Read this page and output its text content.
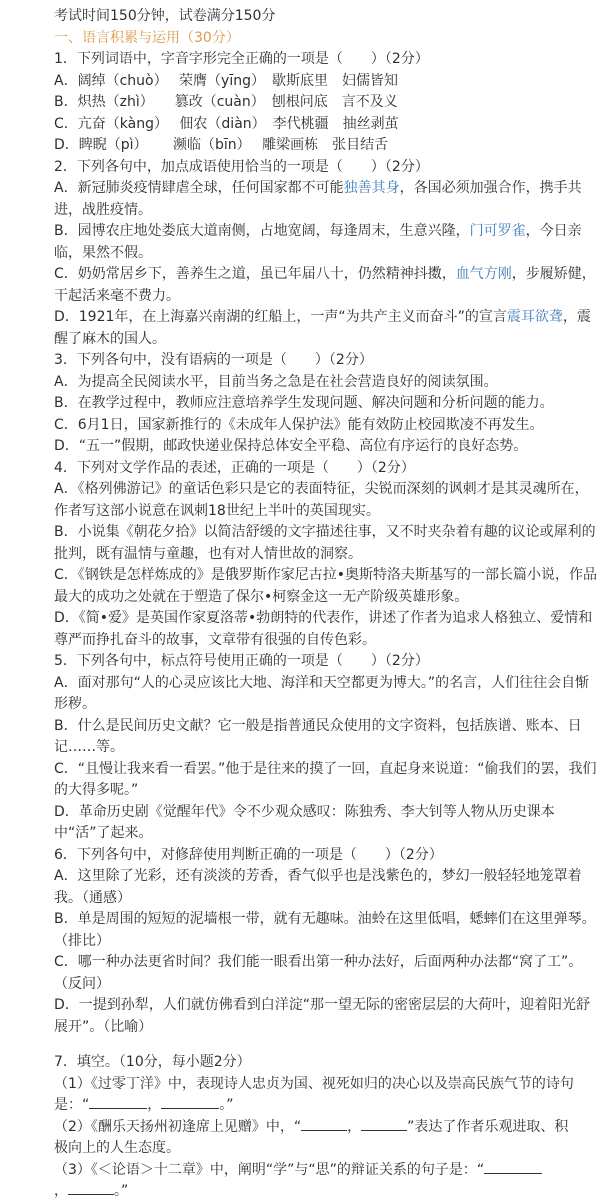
考试时间150分钟，试卷满分150分
一、语言积累与运用（30分）
1．下列词语中，字音字形完全正确的一项是（　　）（2分）
A．阔绰（chuò）　 荣膺（yīng）　歇斯底里　妇儒皆知
B．炽热（zhì）　　篡改（cuàn）　刨根问底　言不及义
C．亢奋（kàng）　 佃农（diàn）　李代桃疆　抽丝剥茧
D．睥睨（pì）　　 濒临（bīn）　 雕梁画栋　张目结舌
2．下列各句中，加点成语使用恰当的一项是（　　）（2分）
A．新冠肺炎疫情肆虐全球，任何国家都不可能独善其身，各国必须加强合作，携手共进，战胜疫情。
B．园博农庄地处娄底大道南侧，占地宽阔，每逢周末，生意兴隆，门可罗雀，今日亲临，果然不假。
C．奶奶常居乡下，善养生之道，虽已年届八十，仍然精神抖擞，血气方刚，步履矫健，干起活来毫不费力。
D．1921年，在上海嘉兴南湖的红船上，一声“为共产主义而奋斗”的宣言震耳欲聋，震醒了麻木的国人。
3．下列各句中，没有语病的一项是（　　）（2分）
A．为提高全民阅读水平，目前当务之急是在社会营造良好的阅读氛围。
B．在教学过程中，教师应注意培养学生发现问题、解决问题和分析问题的能力。
C．6月1日，国家新推行的《未成年人保护法》能有效防止校园欺凌不再发生。
D．“五一”假期，邮政快递业保持总体安全平稳、高位有序运行的良好态势。
4．下列对文学作品的表述，正确的一项是（　　）（2分）
A．《格列佛游记》的童话色彩只是它的表面特征，尖锐而深刻的讽刺才是其灵魂所在，作者写这部小说意在讽刺18世纪上半叶的英国现实。
B．小说集《朝花夕拾》以简洁舒缓的文字描述往事，又不时夹杂着有趣的议论或犀利的批判，既有温情与童趣，也有对人情世故的洞察。
C．《钢铁是怎样炼成的》是俄罗斯作家尼古拉•奥斯特洛夫斯基写的一部长篇小说，作品最大的成功之处就在于塑造了保尔•柯察金这一无产阶级英雄形象。
D．《简•爱》是英国作家夏洛蒂•勃朗特的代表作，讲述了作者为追求人格独立、爱情和尊严而挣扎奋斗的故事，文章带有很强的自传色彩。
5．下列各句中，标点符号使用正确的一项是（　　）（2分）
A．面对那句“人的心灵应该比大地、海洋和天空都更为博大。”的名言，人们往往会自惭形秽。
B．什么是民间历史文献？它一般是指普通民众使用的文字资料，包括族谱、账本、日记……等。
C．“且慢让我来看一看罢。”他于是往来的摸了一回，直起身来说道：“偷我们的罢，我们的大得多呢。”
D．革命历史剧《觉醒年代》令不少观众感叹：陈独秀、李大钊等人物从历史课本中“活”了起来。
6．下列各句中，对修辞使用判断正确的一项是（　　）（2分）
A．这里除了光彩，还有淡淡的芳香，香气似乎也是浅紫色的，梦幻一般轻轻地笼罩着我。（通感）
B．单是周围的短短的泥墙根一带，就有无趣味。油蛉在这里低唱，蟋蟀们在这里弹琴。（排比）
C．哪一种办法更省时间？我们能一眼看出第一种办法好，后面两种办法都“窝了工”。（反问）
D．一提到孙犁，人们就仿佛看到白洋淀“那一望无际的密密层层的大荷叶，迎着阳光舒展开”。（比喻）
7．填空。（10分，每小题2分）
（1）《过零丁洋》中，表现诗人忠贞为国、视死如归的决心以及崇高民族气节的诗句
是：“	，	。”
（2）《酬乐天扬州初逢席上见赠》中，“	，	”表达了作者乐观进取、积
极向上的人生态度。
（3）《＜论语＞十二章》中，阐明“学”与“思”的辩证关系的句子是：“
，	。”
